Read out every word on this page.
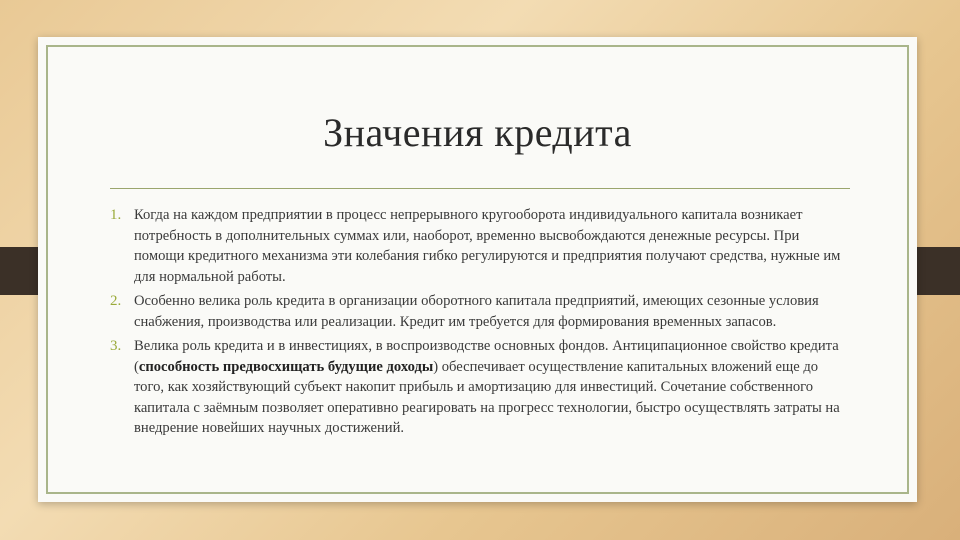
Значения кредита
1. Когда на каждом предприятии в процесс непрерывного кругооборота индивидуального капитала возникает потребность в дополнительных суммах или, наоборот, временно высвобождаются денежные ресурсы. При помощи кредитного механизма эти колебания гибко регулируются и предприятия получают средства, нужные им для нормальной работы.
2. Особенно велика роль кредита в организации оборотного капитала предприятий, имеющих сезонные условия снабжения, производства или реализации. Кредит им требуется для формирования временных запасов.
3. Велика роль кредита и в инвестициях, в воспроизводстве основных фондов. Антиципационное свойство кредита (способность предвосхищать будущие доходы) обеспечивает осуществление капитальных вложений еще до того, как хозяйствующий субъект накопит прибыль и амортизацию для инвестиций. Сочетание собственного капитала с заёмным позволяет оперативно реагировать на прогресс технологии, быстро осуществлять затраты на внедрение новейших научных достижений.
